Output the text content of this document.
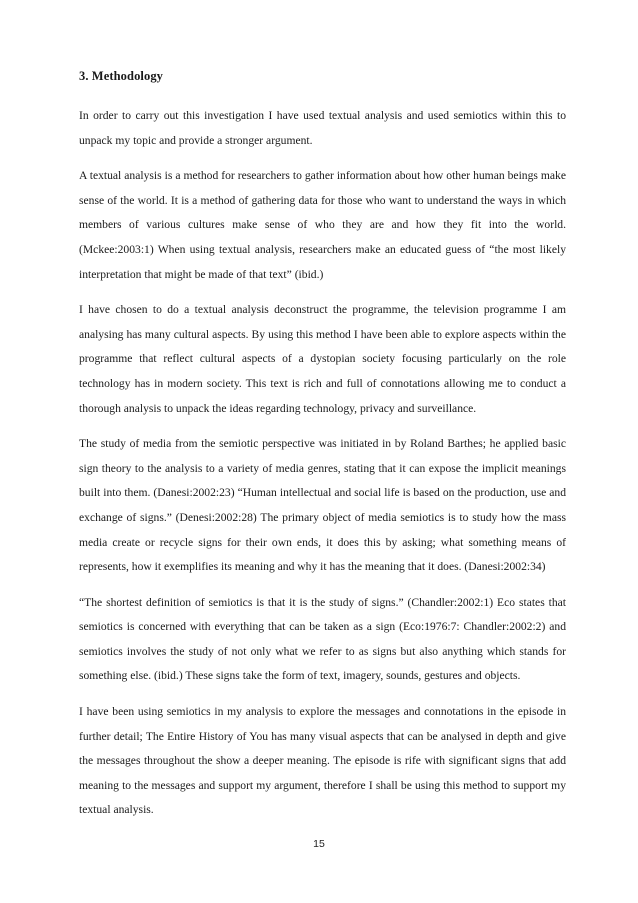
3. Methodology

In order to carry out this investigation I have used textual analysis and used semiotics within this to unpack my topic and provide a stronger argument.

A textual analysis is a method for researchers to gather information about how other human beings make sense of the world. It is a method of gathering data for those who want to understand the ways in which members of various cultures make sense of who they are and how they fit into the world. (Mckee:2003:1) When using textual analysis, researchers make an educated guess of “the most likely interpretation that might be made of that text” (ibid.)

I have chosen to do a textual analysis deconstruct the programme, the television programme I am analysing has many cultural aspects. By using this method I have been able to explore aspects within the programme that reflect cultural aspects of a dystopian society focusing particularly on the role technology has in modern society. This text is rich and full of connotations allowing me to conduct a thorough analysis to unpack the ideas regarding technology, privacy and surveillance.

The study of media from the semiotic perspective was initiated in by Roland Barthes; he applied basic sign theory to the analysis to a variety of media genres, stating that it can expose the implicit meanings built into them. (Danesi:2002:23) “Human intellectual and social life is based on the production, use and exchange of signs.” (Denesi:2002:28) The primary object of media semiotics is to study how the mass media create or recycle signs for their own ends, it does this by asking; what something means of represents, how it exemplifies its meaning and why it has the meaning that it does. (Danesi:2002:34)

“The shortest definition of semiotics is that it is the study of signs.” (Chandler:2002:1) Eco states that semiotics is concerned with everything that can be taken as a sign (Eco:1976:7: Chandler:2002:2) and semiotics involves the study of not only what we refer to as signs but also anything which stands for something else. (ibid.) These signs take the form of text, imagery, sounds, gestures and objects.

I have been using semiotics in my analysis to explore the messages and connotations in the episode in further detail; The Entire History of You has many visual aspects that can be analysed in depth and give the messages throughout the show a deeper meaning. The episode is rife with significant signs that add meaning to the messages and support my argument, therefore I shall be using this method to support my textual analysis.

15
